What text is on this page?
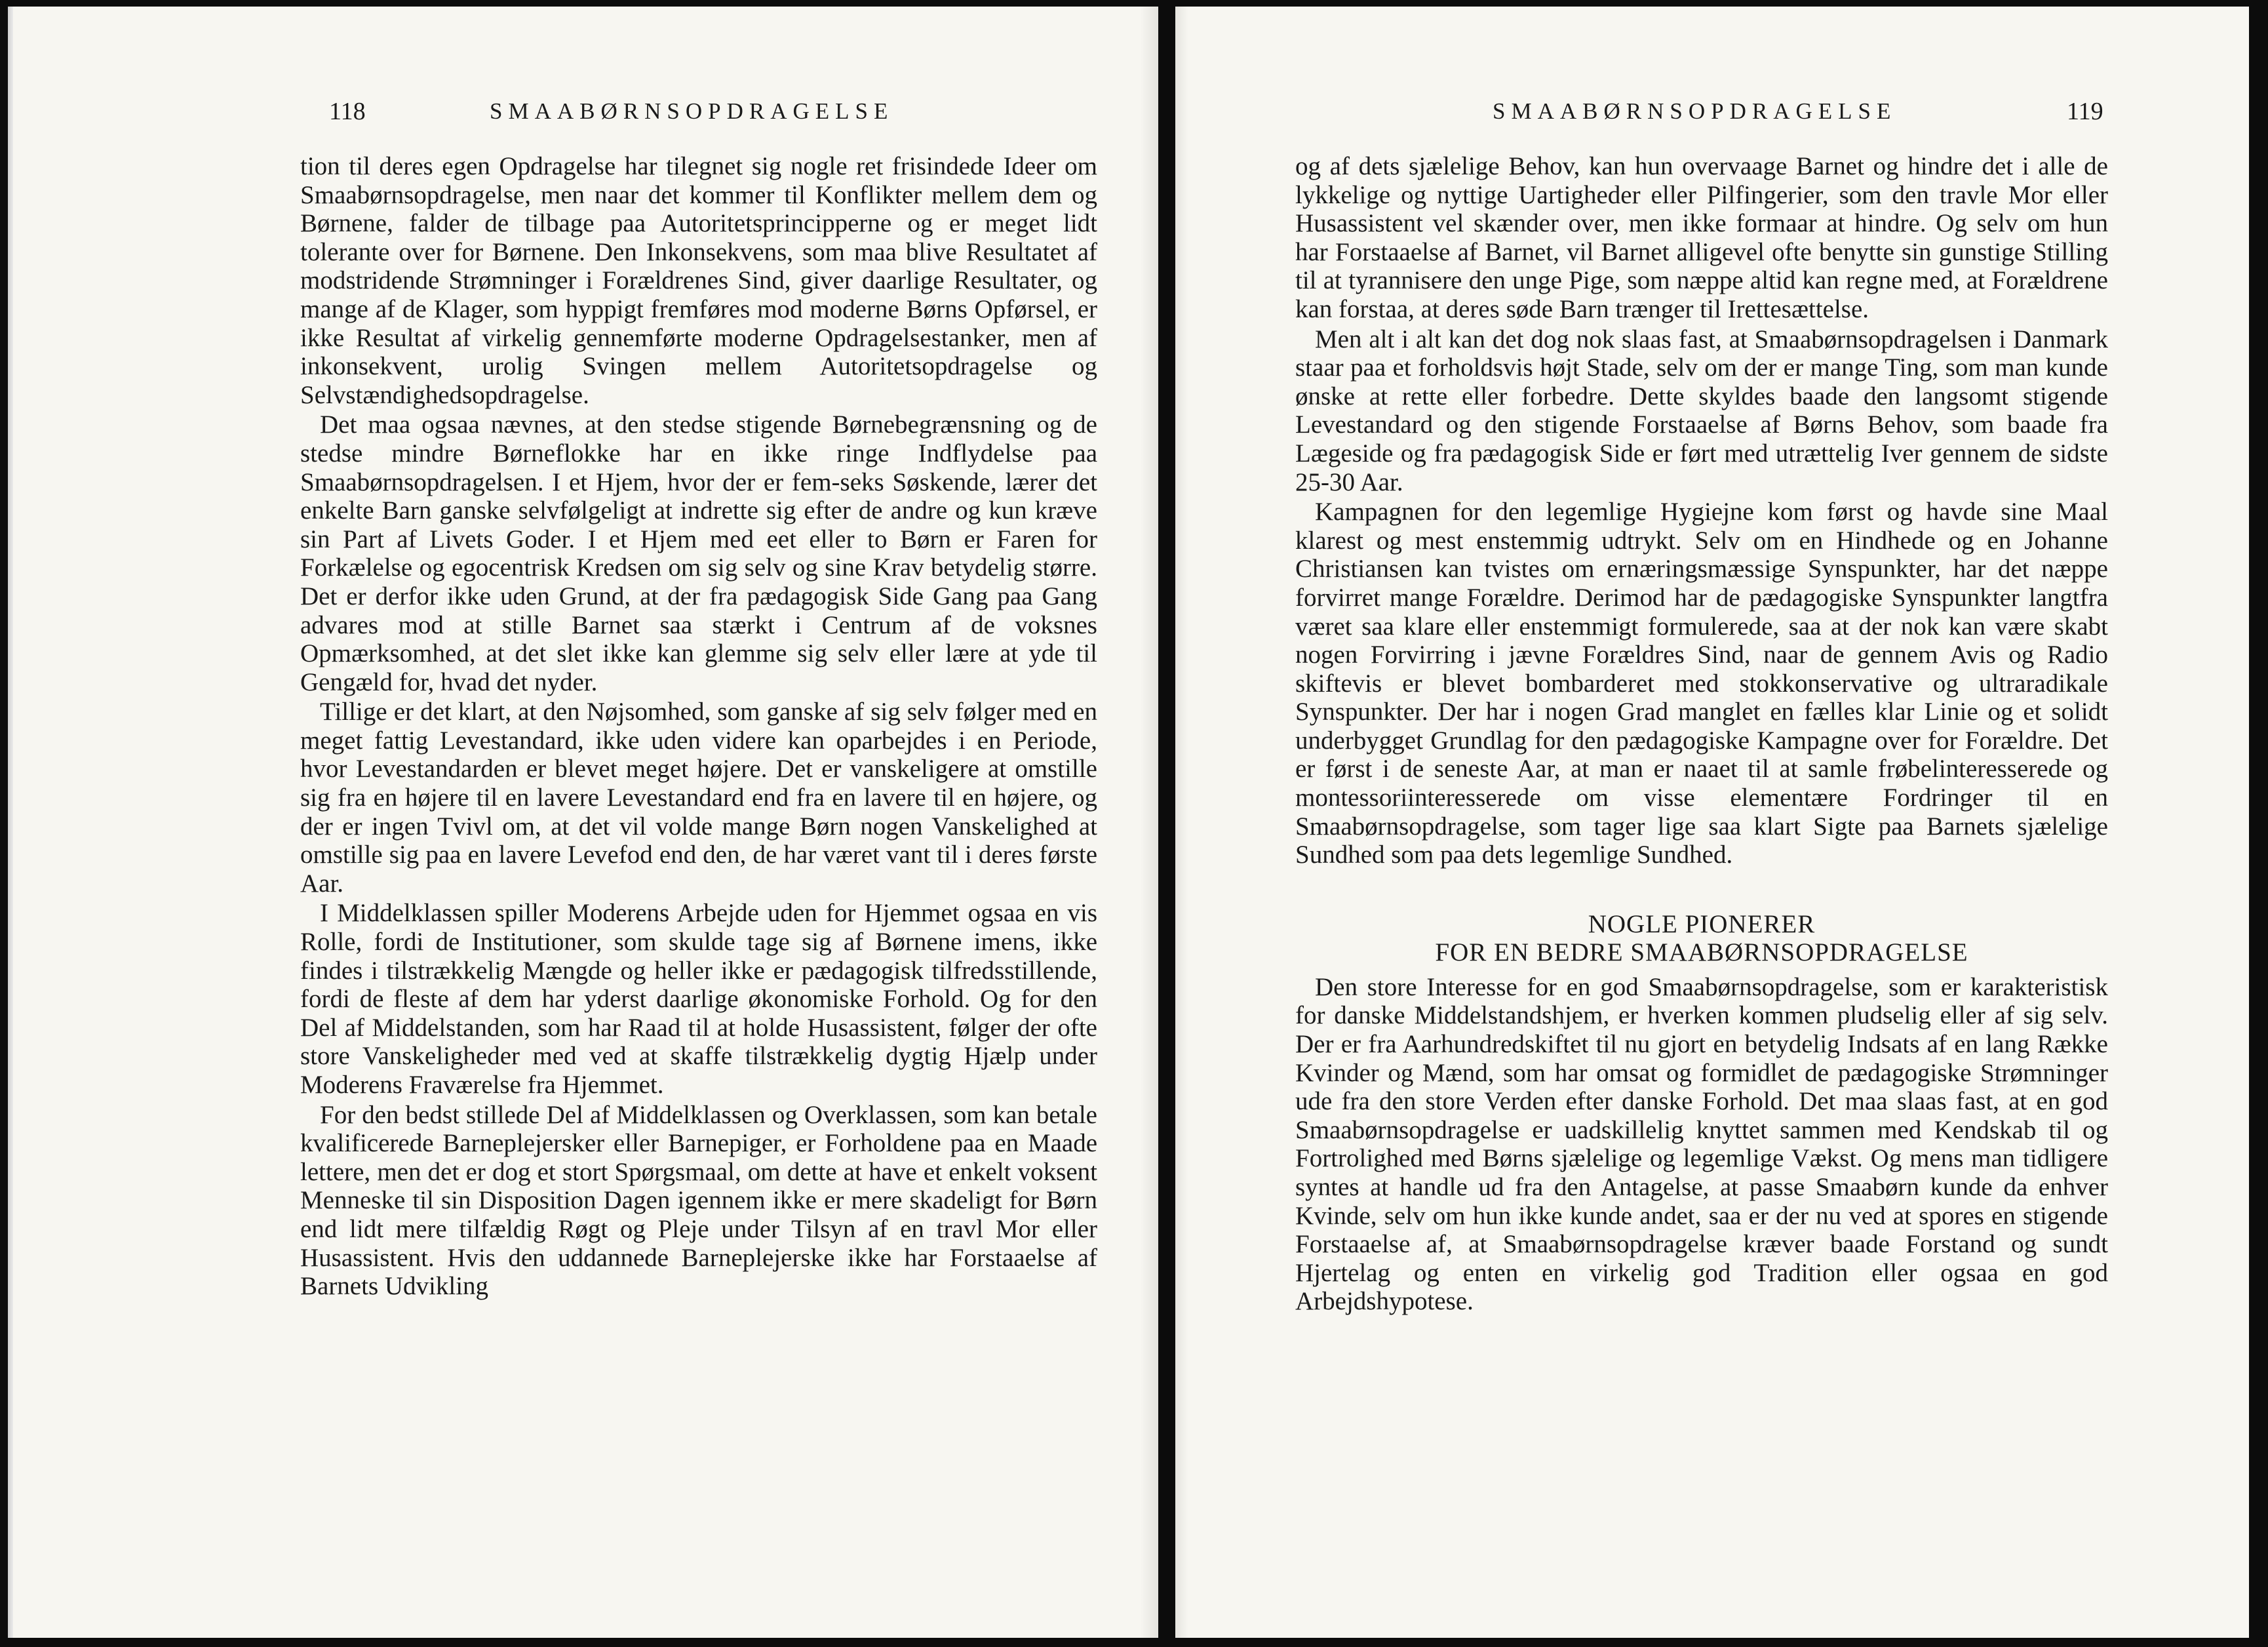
118	SMAABØRNSOPDRAGELSE

tion til deres egen Opdragelse har tilegnet sig nogle ret frisindede Ideer om Smaabørnsopdragelse, men naar det kommer til Konflikter mellem dem og Børnene, falder de tilbage paa Autoritetsprincipperne og er meget lidt tolerante over for Børnene. Den Inkonsekvens, som maa blive Resultatet af modstridende Strømninger i Forældrenes Sind, giver daarlige Resultater, og mange af de Klager, som hyppigt fremføres mod moderne Børns Opførsel, er ikke Resultat af virkelig gennemførte moderne Opdragelsestanker, men af inkonsekvent, urolig Svingen mellem Autoritetsopdragelse og Selvstændighedsopdragelse.

Det maa ogsaa nævnes, at den stedse stigende Børnebegrænsning og de stedse mindre Børneflokke har en ikke ringe Indflydelse paa Smaabørnsopdragelsen. I et Hjem, hvor der er fem-seks Søskende, lærer det enkelte Barn ganske selvfølgeligt at indrette sig efter de andre og kun kræve sin Part af Livets Goder. I et Hjem med eet eller to Børn er Faren for Forkælelse og egocentrisk Kredsen om sig selv og sine Krav betydelig større. Det er derfor ikke uden Grund, at der fra pædagogisk Side Gang paa Gang advares mod at stille Barnet saa stærkt i Centrum af de voksnes Opmærksomhed, at det slet ikke kan glemme sig selv eller lære at yde til Gengæld for, hvad det nyder.

Tillige er det klart, at den Nøjsomhed, som ganske af sig selv følger med en meget fattig Levestandard, ikke uden videre kan oparbejdes i en Periode, hvor Levestandarden er blevet meget højere. Det er vanskeligere at omstille sig fra en højere til en lavere Levestandard end fra en lavere til en højere, og der er ingen Tvivl om, at det vil volde mange Børn nogen Vanskelighed at omstille sig paa en lavere Levefod end den, de har været vant til i deres første Aar.

I Middelklassen spiller Moderens Arbejde uden for Hjemmet ogsaa en vis Rolle, fordi de Institutioner, som skulde tage sig af Børnene imens, ikke findes i tilstrækkelig Mængde og heller ikke er pædagogisk tilfredsstillende, fordi de fleste af dem har yderst daarlige økonomiske Forhold. Og for den Del af Middelstanden, som har Raad til at holde Husassistent, følger der ofte store Vanskeligheder med ved at skaffe tilstrækkelig dygtig Hjælp under Moderens Fraværelse fra Hjemmet.

For den bedst stillede Del af Middelklassen og Overklassen, som kan betale kvalificerede Barneplejersker eller Barnepiger, er Forholdene paa en Maade lettere, men det er dog et stort Spørgsmaal, om dette at have et enkelt voksent Menneske til sin Disposition Dagen igennem ikke er mere skadeligt for Børn end lidt mere tilfældig Røgt og Pleje under Tilsyn af en travl Mor eller Husassistent. Hvis den uddannede Barneplejerske ikke har Forstaaelse af Barnets Udvikling

SMAABØRNSOPDRAGELSE	119

og af dets sjælelige Behov, kan hun overvaage Barnet og hindre det i alle de lykkelige og nyttige Uartigheder eller Pilfingerier, som den travle Mor eller Husassistent vel skænder over, men ikke formaar at hindre. Og selv om hun har Forstaaelse af Barnet, vil Barnet alligevel ofte benytte sin gunstige Stilling til at tyrannisere den unge Pige, som næppe altid kan regne med, at Forældrene kan forstaa, at deres søde Barn trænger til Irettesættelse.

Men alt i alt kan det dog nok slaas fast, at Smaabørnsopdragelsen i Danmark staar paa et forholdsvis højt Stade, selv om der er mange Ting, som man kunde ønske at rette eller forbedre. Dette skyldes baade den langsomt stigende Levestandard og den stigende Forstaaelse af Børns Behov, som baade fra Lægeside og fra pædagogisk Side er ført med utrættelig Iver gennem de sidste 25-30 Aar.

Kampagnen for den legemlige Hygiejne kom først og havde sine Maal klarest og mest enstemmig udtrykt. Selv om en Hindhede og en Johanne Christiansen kan tvistes om ernæringsmæssige Synspunkter, har det næppe forvirret mange Forældre. Derimod har de pædagogiske Synspunkter langtfra været saa klare eller enstemmigt formulerede, saa at der nok kan være skabt nogen Forvirring i jævne Forældres Sind, naar de gennem Avis og Radio skiftevis er blevet bombarderet med stokkonservative og ultraradikale Synspunkter. Der har i nogen Grad manglet en fælles klar Linie og et solidt underbygget Grundlag for den pædagogiske Kampagne over for Forældre. Det er først i de seneste Aar, at man er naaet til at samle frøbelinteresserede og montessoriinteresserede om visse elementære Fordringer til en Smaabørnsopdragelse, som tager lige saa klart Sigte paa Barnets sjælelige Sundhed som paa dets legemlige Sundhed.

NOGLE PIONERER
FOR EN BEDRE SMAABØRNSOPDRAGELSE

Den store Interesse for en god Smaabørnsopdragelse, som er karakteristisk for danske Middelstandshjem, er hverken kommen pludselig eller af sig selv. Der er fra Aarhundredskiftet til nu gjort en betydelig Indsats af en lang Række Kvinder og Mænd, som har omsat og formidlet de pædagogiske Strømninger ude fra den store Verden efter danske Forhold. Det maa slaas fast, at en god Smaabørnsopdragelse er uadskillelig knyttet sammen med Kendskab til og Fortrolighed med Børns sjælelige og legemlige Vækst. Og mens man tidligere syntes at handle ud fra den Antagelse, at passe Smaabørn kunde da enhver Kvinde, selv om hun ikke kunde andet, saa er der nu ved at spores en stigende Forstaaelse af, at Smaabørnsopdragelse kræver baade Forstand og sundt Hjertelag og enten en virkelig god Tradition eller ogsaa en god Arbejdshypotese.
